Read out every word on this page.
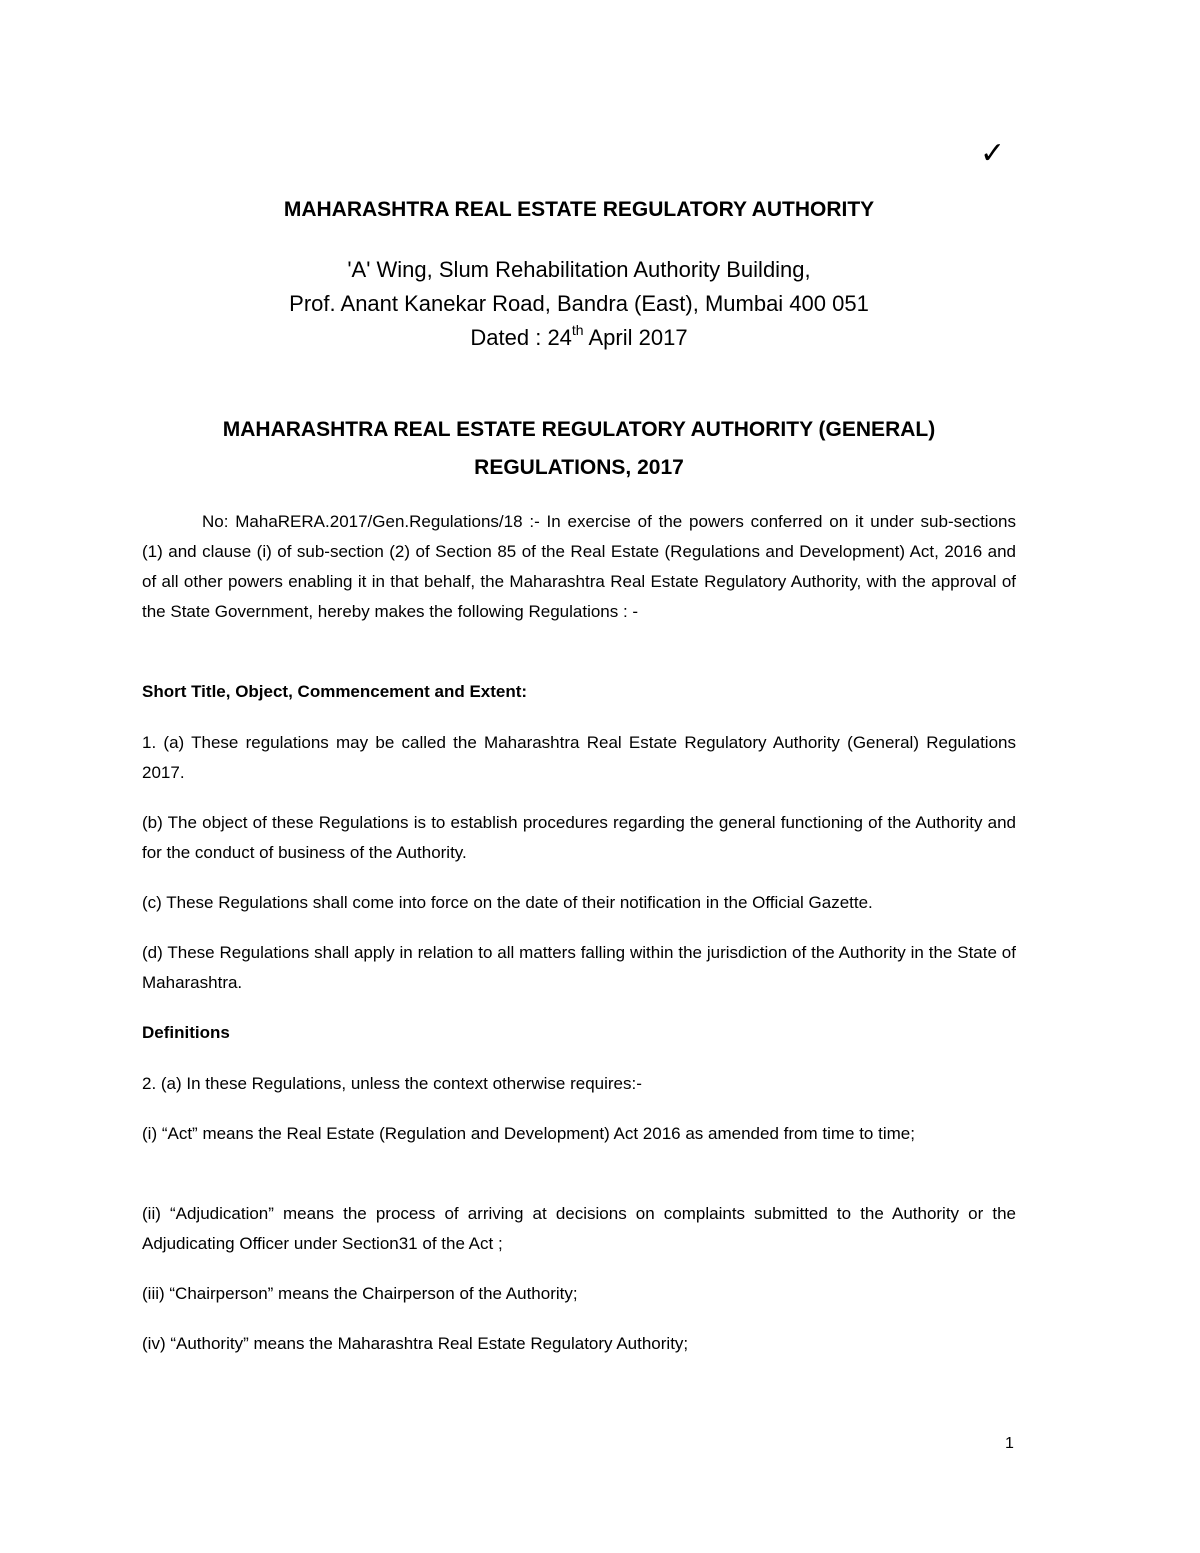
✓
MAHARASHTRA REAL ESTATE REGULATORY AUTHORITY
'A' Wing, Slum Rehabilitation Authority Building,
Prof. Anant Kanekar Road, Bandra (East), Mumbai 400 051
Dated : 24th April 2017
MAHARASHTRA REAL ESTATE REGULATORY AUTHORITY (GENERAL)
REGULATIONS, 2017
No: MahaRERA.2017/Gen.Regulations/18 :- In exercise of the powers conferred on it under sub-sections (1) and clause (i) of sub-section (2) of Section 85 of the Real Estate (Regulations and Development) Act, 2016 and of all other powers enabling it in that behalf, the Maharashtra Real Estate Regulatory Authority, with the approval of the State Government, hereby makes the following Regulations : -
Short Title, Object, Commencement and Extent:
1. (a) These regulations may be called the Maharashtra Real Estate Regulatory Authority (General) Regulations 2017.
(b) The object of these Regulations is to establish procedures regarding the general functioning of the Authority and for the conduct of business of the Authority.
(c) These Regulations shall come into force on the date of their notification in the Official Gazette.
(d) These Regulations shall apply in relation to all matters falling within the jurisdiction of the Authority in the State of Maharashtra.
Definitions
2. (a) In these Regulations, unless the context otherwise requires:-
(i) “Act” means the Real Estate (Regulation and Development) Act 2016 as amended from time to time;
(ii) “Adjudication” means the process of arriving at decisions on complaints submitted to the Authority or the Adjudicating Officer under Section31 of the Act ;
(iii) “Chairperson” means the Chairperson of the Authority;
(iv) “Authority” means the Maharashtra Real Estate Regulatory Authority;
1
